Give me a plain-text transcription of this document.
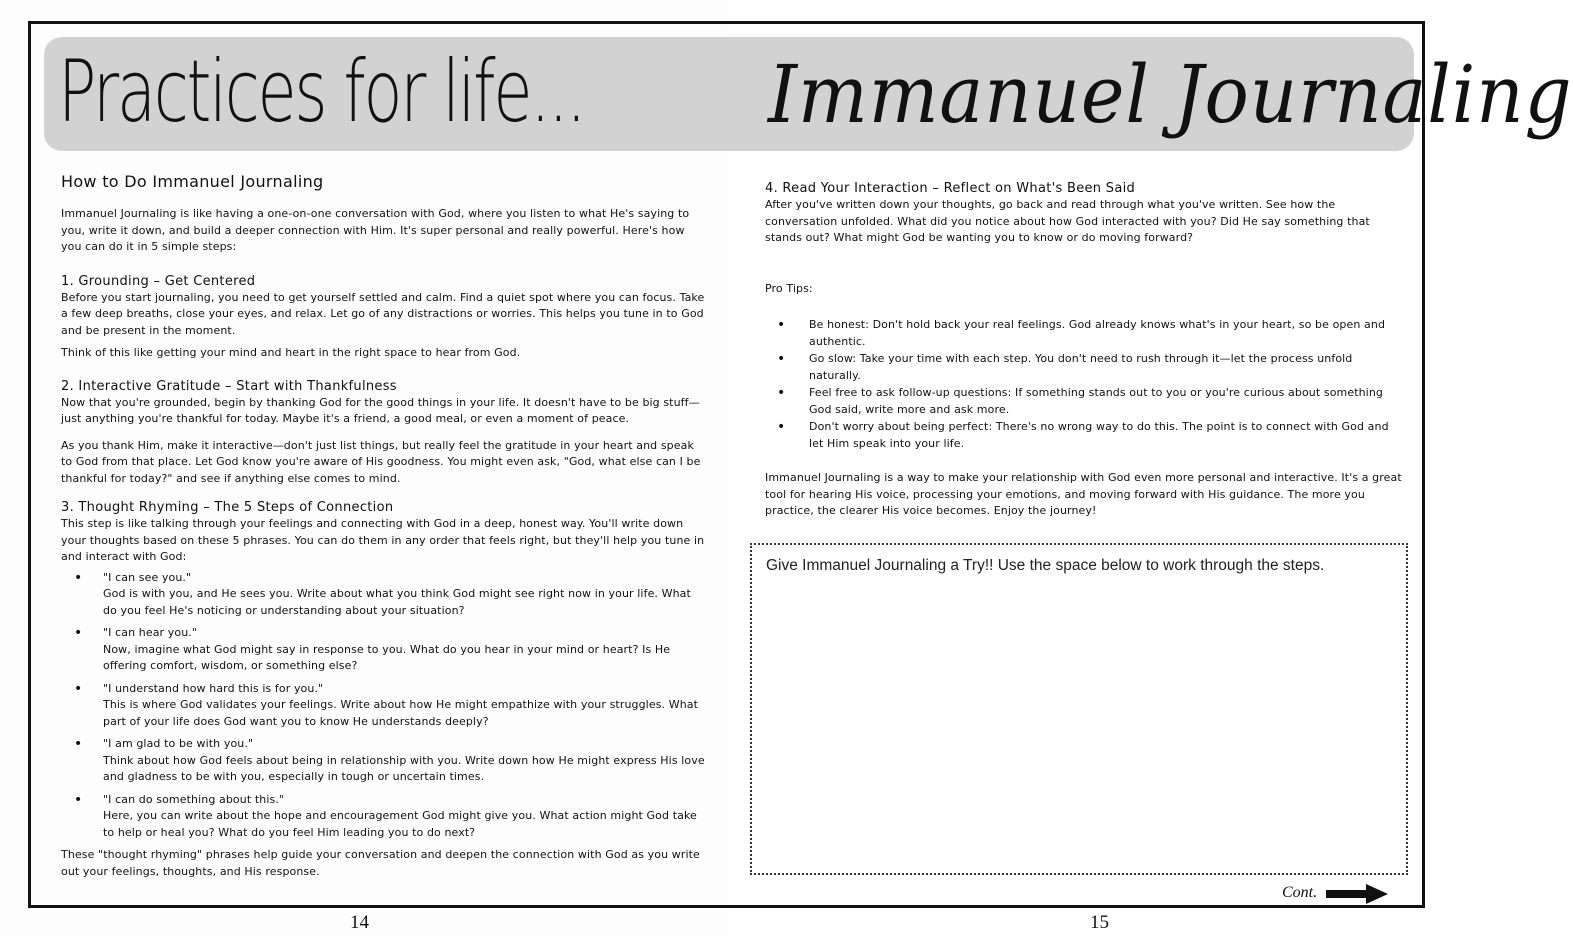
Practices for life... Immanuel Journaling

How to Do Immanuel Journaling

Immanuel Journaling is like having a one-on-one conversation with God, where you listen to what He's saying to you, write it down, and build a deeper connection with Him. It's super personal and really powerful. Here's how you can do it in 5 simple steps:

1. Grounding – Get Centered

Before you start journaling, you need to get yourself settled and calm. Find a quiet spot where you can focus. Take a few deep breaths, close your eyes, and relax. Let go of any distractions or worries. This helps you tune in to God and be present in the moment.

Think of this like getting your mind and heart in the right space to hear from God.

2. Interactive Gratitude – Start with Thankfulness

Now that you're grounded, begin by thanking God for the good things in your life. It doesn't have to be big stuff—just anything you're thankful for today. Maybe it's a friend, a good meal, or even a moment of peace.

As you thank Him, make it interactive—don't just list things, but really feel the gratitude in your heart and speak to God from that place. Let God know you're aware of His goodness. You might even ask, "God, what else can I be thankful for today?" and see if anything else comes to mind.

3. Thought Rhyming – The 5 Steps of Connection

This step is like talking through your feelings and connecting with God in a deep, honest way. You'll write down your thoughts based on these 5 phrases. You can do them in any order that feels right, but they'll help you tune in and interact with God:

• "I can see you."
God is with you, and He sees you. Write about what you think God might see right now in your life. What do you feel He's noticing or understanding about your situation?
• "I can hear you."
Now, imagine what God might say in response to you. What do you hear in your mind or heart? Is He offering comfort, wisdom, or something else?
• "I understand how hard this is for you."
This is where God validates your feelings. Write about how He might empathize with your struggles. What part of your life does God want you to know He understands deeply?
• "I am glad to be with you."
Think about how God feels about being in relationship with you. Write down how He might express His love and gladness to be with you, especially in tough or uncertain times.
• "I can do something about this."
Here, you can write about the hope and encouragement God might give you. What action might God take to help or heal you? What do you feel Him leading you to do next?

These "thought rhyming" phrases help guide your conversation and deepen the connection with God as you write out your feelings, thoughts, and His response.

4. Read Your Interaction – Reflect on What's Been Said

After you've written down your thoughts, go back and read through what you've written. See how the conversation unfolded. What did you notice about how God interacted with you? Did He say something that stands out? What might God be wanting you to know or do moving forward?

Pro Tips:

• Be honest: Don't hold back your real feelings. God already knows what's in your heart, so be open and authentic.
• Go slow: Take your time with each step. You don't need to rush through it—let the process unfold naturally.
• Feel free to ask follow-up questions: If something stands out to you or you're curious about something God said, write more and ask more.
• Don't worry about being perfect: There's no wrong way to do this. The point is to connect with God and let Him speak into your life.

Immanuel Journaling is a way to make your relationship with God even more personal and interactive. It's a great tool for hearing His voice, processing your emotions, and moving forward with His guidance. The more you practice, the clearer His voice becomes. Enjoy the journey!

Give Immanuel Journaling a Try!! Use the space below to work through the steps.
Cont.
14	15
